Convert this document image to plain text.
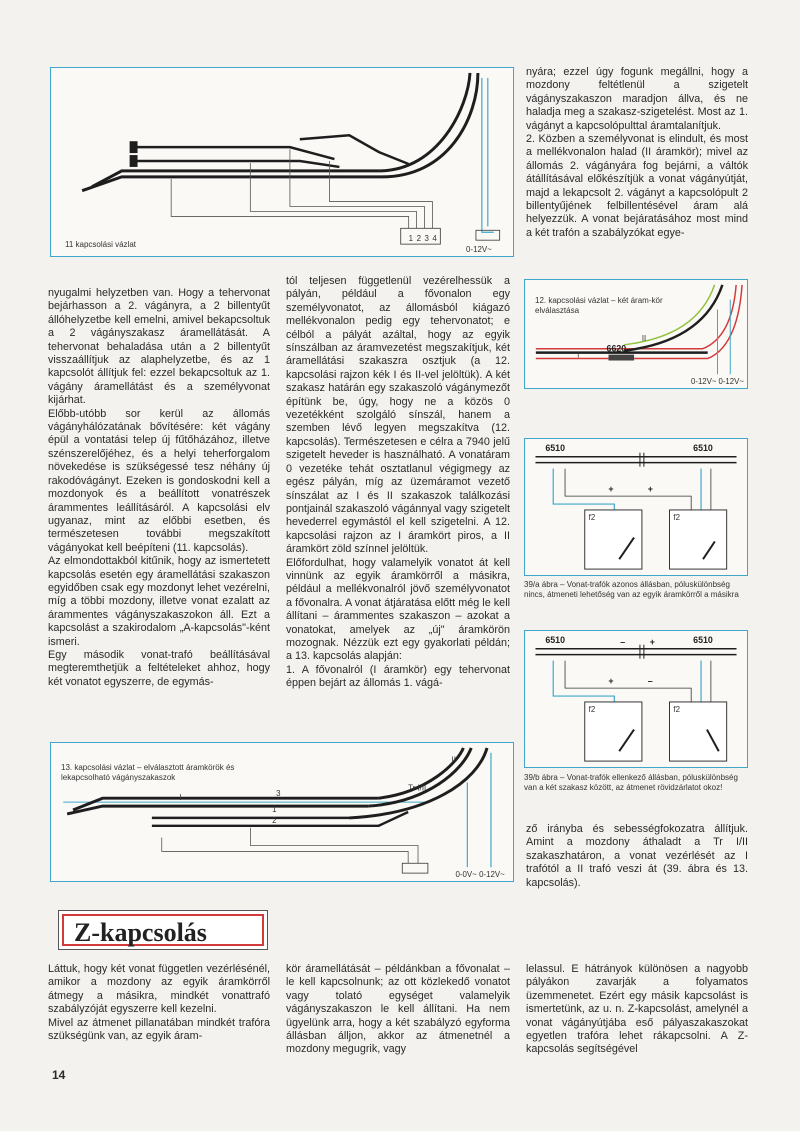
1 2 3 4
0-12V~
11 kapcsolási vázlat

nyára; ezzel úgy fogunk megállni, hogy a mozdony feltétlenül a szigetelt vágányszakaszon maradjon állva, és ne haladja meg a szakasz-szigetelést. Most az 1. vágányt a kapcsolópulttal áramtalanítjuk.

2. Közben a személyvonat is elindult, és most a mellékvonalon halad (II áramkör); mivel az állomás 2. vágányára fog bejárni, a váltók átállításával előkészítjük a vonat vágányútját, majd a lekapcsolt 2. vágányt a kapcsolópult 2 billentyűjének felbillentésével áram alá helyezzük. A vonat bejáratásához most mind a két trafón a szabályzókat egye-

nyugalmi helyzetben van. Hogy a tehervonat bejárhasson a 2. vágányra, a 2 billentyűt állóhelyzetbe kell emelni, amivel bekapcsoltuk a 2 vágányszakasz áramellátását. A tehervonat behaladása után a 2 billentyűt visszaállítjuk az alaphelyzetbe, és az 1 kapcsolót állítjuk fel: ezzel bekapcsoltuk az 1. vágány áramellátást és a személyvonat kijárhat.

Előbb-utóbb sor kerül az állomás vágányhálózatának bővítésére: két vágány épül a vontatási telep új fűtőházához, illetve szénszerelőjéhez, és a helyi teherforgalom növekedése is szükségessé tesz néhány új rakodóvágányt. Ezeken is gondoskodni kell a mozdonyok és a beállított vonatrészek árammentes leállításáról. A kapcsolási elv ugyanaz, mint az előbbi esetben, és természetesen további megszakított vágányokat kell beépíteni (11. kapcsolás).

Az elmondottakból kitűnik, hogy az ismertetett kapcsolás esetén egy áramellátási szakaszon egyidőben csak egy mozdonyt lehet vezérelni, míg a többi mozdony, illetve vonat ezalatt az árammentes vágányszakaszokon áll. Ezt a kapcsolást a szakirodalom „A-kapcsolás"-ként ismeri.

Egy második vonat-trafó beállításával megteremthetjük a feltételeket ahhoz, hogy két vonatot egyszerre, de egymás-

tól teljesen függetlenül vezérelhessük a pályán, például a fővonalon egy személyvonatot, az állomásból kiágazó mellékvonalon pedig egy tehervonatot; e célból a pályát azáltal, hogy az egyik sínszálban az áramvezetést megszakítjuk, két áramellátási szakaszra osztjuk (a 12. kapcsolási rajzon kék I és II-vel jelöltük). A két szakasz határán egy szakaszoló vágánymezőt építünk be, úgy, hogy ne a közös 0 vezetékként szolgáló sínszál, hanem a szemben lévő legyen megszakítva (12. kapcsolás). Természetesen e célra a 7940 jelű szigetelt heveder is használható. A vonatáram 0 vezetéke tehát osztatlanul végigmegy az egész pályán, míg az üzemáramot vezető sínszálat az I és II szakaszok találkozási pontjainál szakaszoló vágánnyal vagy szigetelt hevederrel egymástól el kell szigetelni. A 12. kapcsolási rajzon az I áramkört piros, a II áramkört zöld színnel jelöltük.

Előfordulhat, hogy valamelyik vonatot át kell vinnünk az egyik áramkörről a másikra, például a mellékvonalról jövő személyvonatot a fővonalra. A vonat átjáratása előtt még le kell állítani – árammentes szakaszon – azokat a vonatokat, amelyek az „új" áramkörön mozognak. Nézzük ezt egy gyakorlati példán; a 13. kapcsolás alapján:

1. A fővonalról (I áramkör) egy tehervonat éppen bejárt az állomás 1. vágá-

I
II
6620
0-12V~ 0-12V~
12. kapcsolási vázlat – két áram-kör elválasztása
6510	6510
+	+
f2	f2
39/a ábra – Vonat-trafók azonos állásban, póluskülönbség nincs, átmeneti lehetőség van az egyik áramkörről a másikra
6510	6510
–	+
+	–
f2	f2
39/b ábra – Vonat-trafók ellenkező állásban, póluskülönbség van a két szakasz között, az átmenet rövidzárlatot okoz!
I
II
Tr I/II
1
2
3
0-0V~ 0-12V~
13. kapcsolási vázlat – elválasztott áramkörök és lekapcsolható vágányszakaszok
ző irányba és sebességfokozatra állítjuk. Amint a mozdony áthaladt a Tr I/II szakaszhatáron, a vonat vezérlését az I trafótól a II trafó veszi át (39. ábra és 13. kapcsolás).
Z-kapcsolás
Láttuk, hogy két vonat független vezérlésénél, amikor a mozdony az egyik áramkörről átmegy a másikra, mindkét vonattrafó szabályzóját egyszerre kell kezelni.
Mivel az átmenet pillanatában mindkét trafóra szükségünk van, az egyik áram-
kör áramellátását – példánkban a fővonalat – le kell kapcsolnunk; az ott közlekedő vonatot vagy tolató egységet valamelyik vágányszakaszon le kell állítani. Ha nem ügyelünk arra, hogy a két szabályzó egyforma állásban álljon, akkor az átmenetnél a mozdony megugrik, vagy
lelassul. E hátrányok különösen a nagyobb pályákon zavarják a folyamatos üzemmenetet. Ezért egy másik kapcsolást is ismertetünk, az u. n. Z-kapcsolást, amelynél a vonat vágányútjába eső pályaszakaszokat egyetlen trafóra lehet rákapcsolni. A Z-kapcsolás segítségével
14
